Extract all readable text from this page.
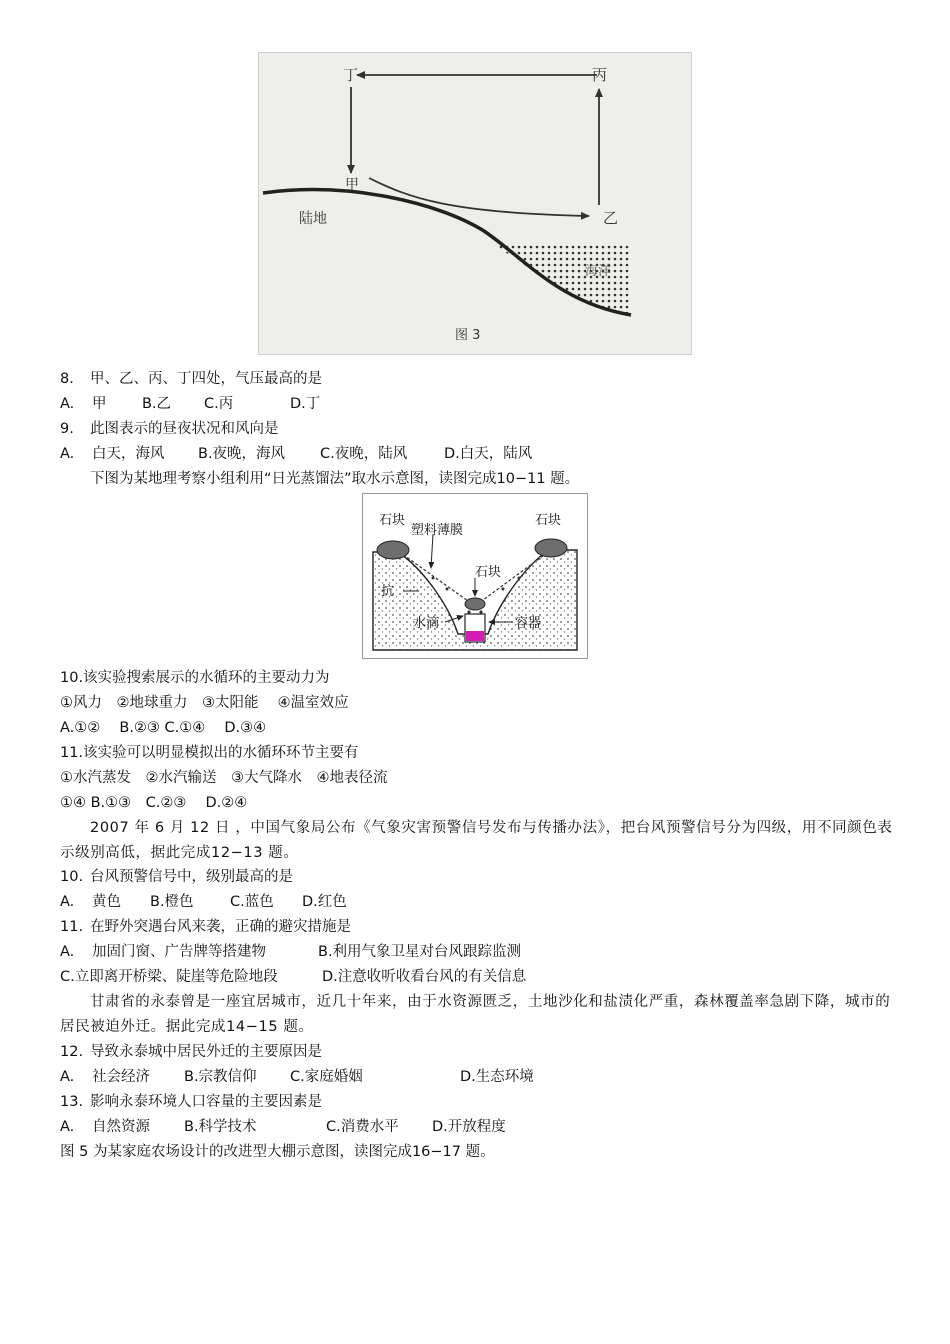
丁	丙
甲
乙
陆地
海洋
图 3
8. 甲、乙、丙、丁四处，气压最高的是
A. 甲 B.乙 C.丙	D.丁
9. 此图表示的昼夜状况和风向是
A. 白天，海风 B.夜晚，海风 C.夜晚，陆风	D.白天，陆风
下图为某地理考察小组利用“日光蒸馏法”取水示意图，读图完成10−11 题。
石块	石块
塑料薄膜
石块
抗
水滴	容器
10.该实验搜索展示的水循环的主要动力为
①风力　②地球重力　③太阳能　 ④温室效应
A.①②　 B.②③ C.①④　 D.③④
11.该实验可以明显模拟出的水循环环节主要有
①水汽蒸发　②水汽输送　③大气降水　④地表径流
①④ B.①③　C.②③　 D.②④
2007 年 6 月 12 日 ，中国气象局公布《气象灾害预警信号发布与传播办法》，把台风预警信号分为四级，用不同颜色表示级别高低，据此完成12−13 题。
10. 台风预警信号中，级别最高的是
A. 黄色 B.橙色	C.蓝色 D.红色
11. 在野外突遇台风来袭，正确的避灾措施是
A. 加固门窗、广告牌等搭建物	B.利用气象卫星对台风跟踪监测
C.立即离开桥梁、陡崖等危险地段	D.注意收听收看台风的有关信息
甘肃省的永泰曾是一座宜居城市，近几十年来，由于水资源匮乏，土地沙化和盐渍化严重，森林覆盖率急剧下降，城市的居民被迫外迁。据此完成14−15 题。
12. 导致永泰城中居民外迁的主要原因是
A. 社会经济 B.宗教信仰 C.家庭婚姻	D.生态环境
13. 影响永泰环境人口容量的主要因素是
A. 自然资源 B.科学技术	C.消费水平 D.开放程度
图 5 为某家庭农场设计的改进型大棚示意图，读图完成16−17 题。
